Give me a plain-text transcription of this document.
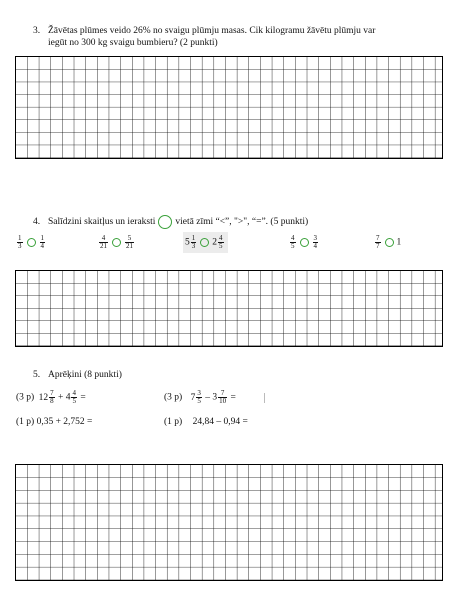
3. Žāvētas plūmes veido 26% no svaigu plūmju masas. Cik kilogramu žāvētu plūmju var
iegūt no 300 kg svaigu bumbieru? (2 punkti)
4. Salīdzini skaitļus un ieraksti vietā zīmi “<”, ">", “=”. (5 punkti)
$\frac{1}{3} \frac{1}{4}$	$\frac{4}{21} \frac{5}{21}$	$5 \frac{1}{3} 2 \frac{4}{5}$	$\frac{4}{5} \frac{3}{4}$	$\frac{7}{7} 1$
5. Aprēķini (8 punkti)
(3 p) $12 \frac{7}{8} + 4 \frac{4}{5}$ =	(3 p) $7 \frac{3}{5} - 3 \frac{7}{10}$ =
(1 p) 0,35 + 2,752 =	(1 p) 24,84 – 0,94 =
